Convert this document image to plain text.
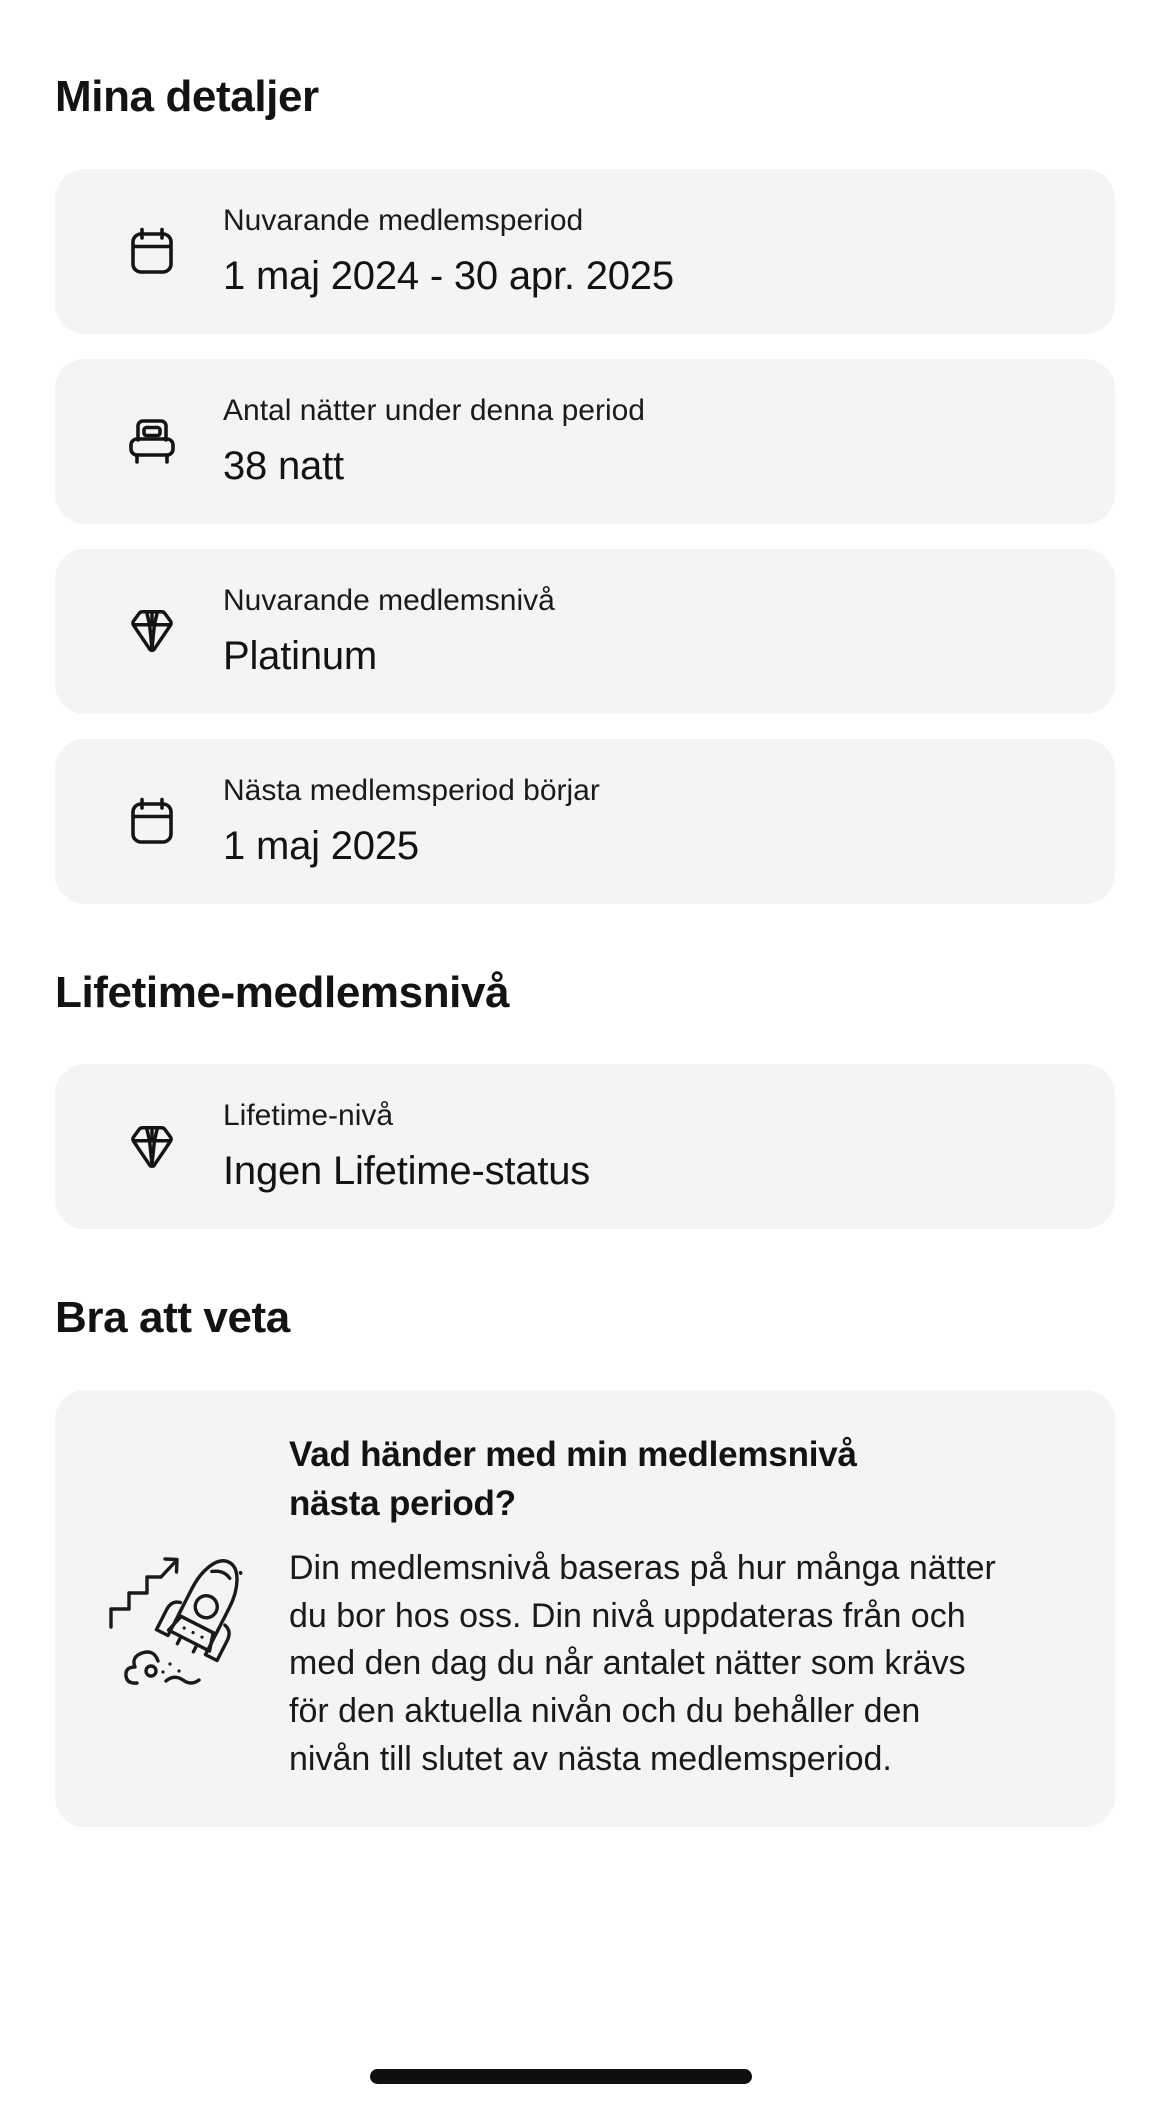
Mina detaljer
Nuvarande medlemsperiod
1 maj 2024 - 30 apr. 2025
Antal nätter under denna period
38 natt
Nuvarande medlemsnivå
Platinum
Nästa medlemsperiod börjar
1 maj 2025
Lifetime-medlemsnivå
Lifetime-nivå
Ingen Lifetime-status
Bra att veta

Vad händer med min medlemsnivå nästa period?

Din medlemsnivå baseras på hur många nätter du bor hos oss. Din nivå uppdateras från och med den dag du når antalet nätter som krävs för den aktuella nivån och du behåller den nivån till slutet av nästa medlemsperiod.
